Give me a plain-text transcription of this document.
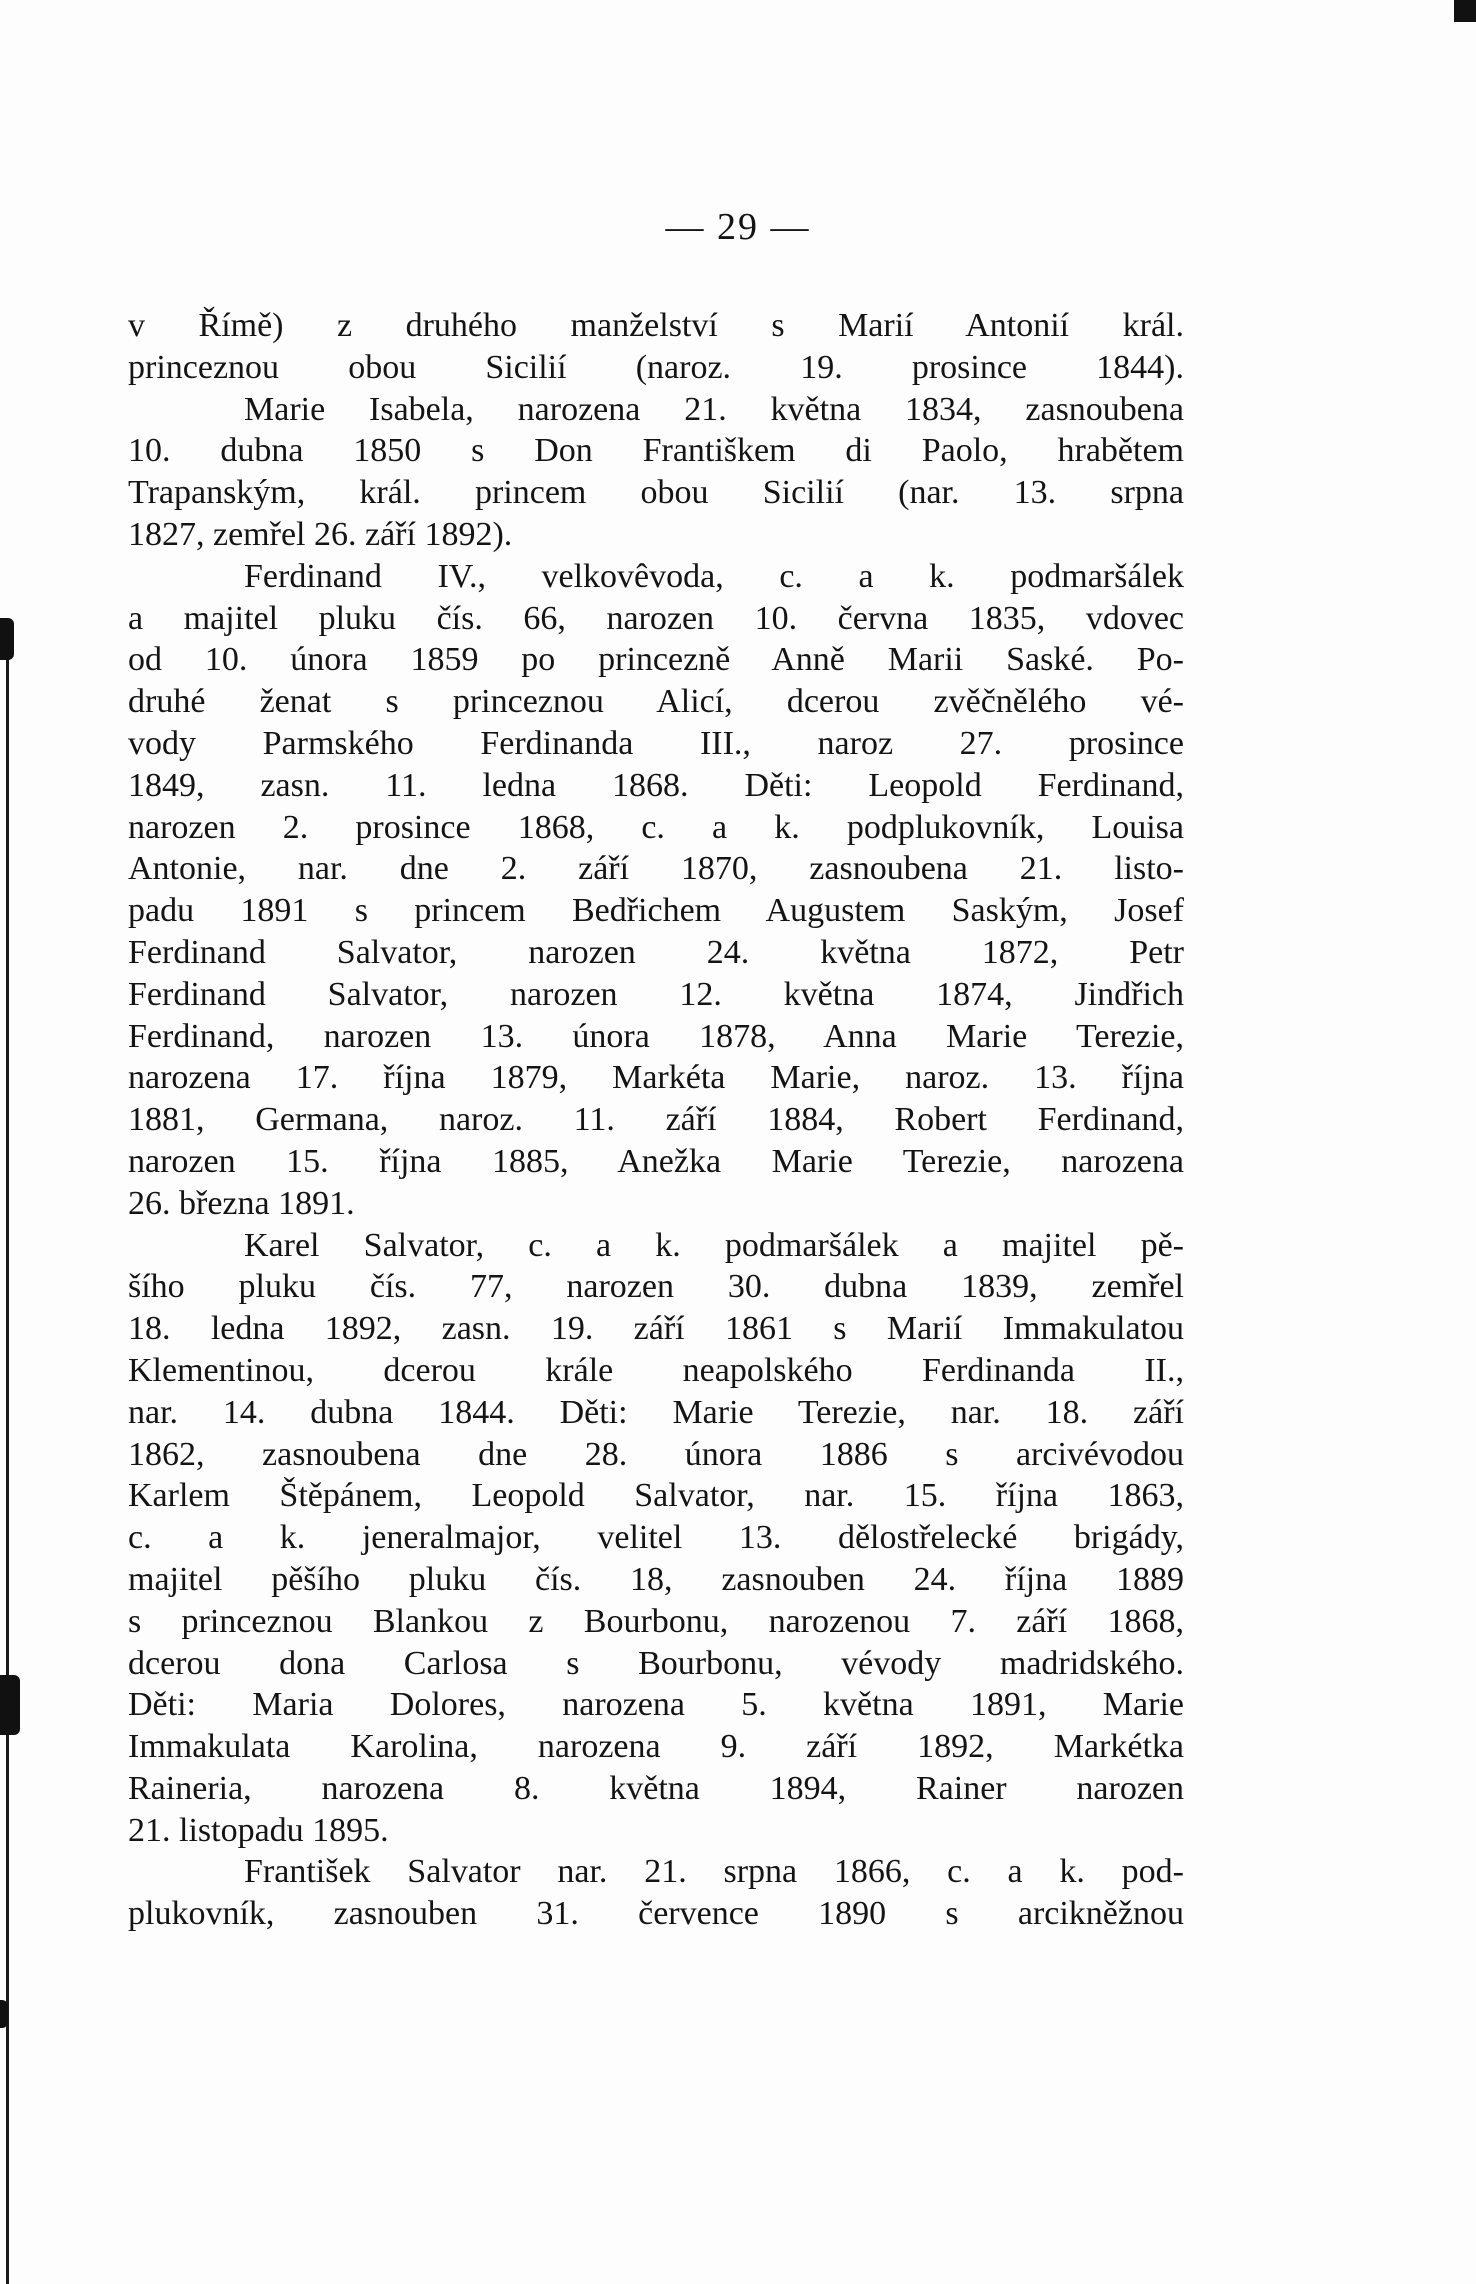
— 29 —
v Římě) z druhého manželství s Marií Antonií král.
princeznou obou Sicilií (naroz. 19. prosince 1844).
Marie Isabela, narozena 21. května 1834, zasnoubena
10. dubna 1850 s Don Františkem di Paolo, hrabětem
Trapanským, král. princem obou Sicilií (nar. 13. srpna
1827, zemřel 26. září 1892).
Ferdinand IV., velkovêvoda, c. a k. podmaršálek
a majitel pluku čís. 66, narozen 10. června 1835, vdovec
od 10. února 1859 po princezně Anně Marii Saské. Po-
druhé ženat s princeznou Alicí, dcerou zvěčnělého vé-
vody Parmského Ferdinanda III., naroz 27. prosince
1849, zasn. 11. ledna 1868. Děti: Leopold Ferdinand,
narozen 2. prosince 1868, c. a k. podplukovník, Louisa
Antonie, nar. dne 2. září 1870, zasnoubena 21. listo-
padu 1891 s princem Bedřichem Augustem Saským, Josef
Ferdinand Salvator, narozen 24. května 1872, Petr
Ferdinand Salvator, narozen 12. května 1874, Jindřich
Ferdinand, narozen 13. února 1878, Anna Marie Terezie,
narozena 17. října 1879, Markéta Marie, naroz. 13. října
1881, Germana, naroz. 11. září 1884, Robert Ferdinand,
narozen 15. října 1885, Anežka Marie Terezie, narozena
26. března 1891.
Karel Salvator, c. a k. podmaršálek a majitel pě-
šího pluku čís. 77, narozen 30. dubna 1839, zemřel
18. ledna 1892, zasn. 19. září 1861 s Marií Immakulatou
Klementinou, dcerou krále neapolského Ferdinanda II.,
nar. 14. dubna 1844. Děti: Marie Terezie, nar. 18. září
1862, zasnoubena dne 28. února 1886 s arcivévodou
Karlem Štěpánem, Leopold Salvator, nar. 15. října 1863,
c. a k. jeneralmajor, velitel 13. dělostřelecké brigády,
majitel pěšího pluku čís. 18, zasnouben 24. října 1889
s princeznou Blankou z Bourbonu, narozenou 7. září 1868,
dcerou dona Carlosa s Bourbonu, vévody madridského.
Děti: Maria Dolores, narozena 5. května 1891, Marie
Immakulata Karolina, narozena 9. září 1892, Markétka
Raineria, narozena 8. května 1894, Rainer narozen
21. listopadu 1895.
František Salvator nar. 21. srpna 1866, c. a k. pod-
plukovník, zasnouben 31. července 1890 s arcikněžnou
